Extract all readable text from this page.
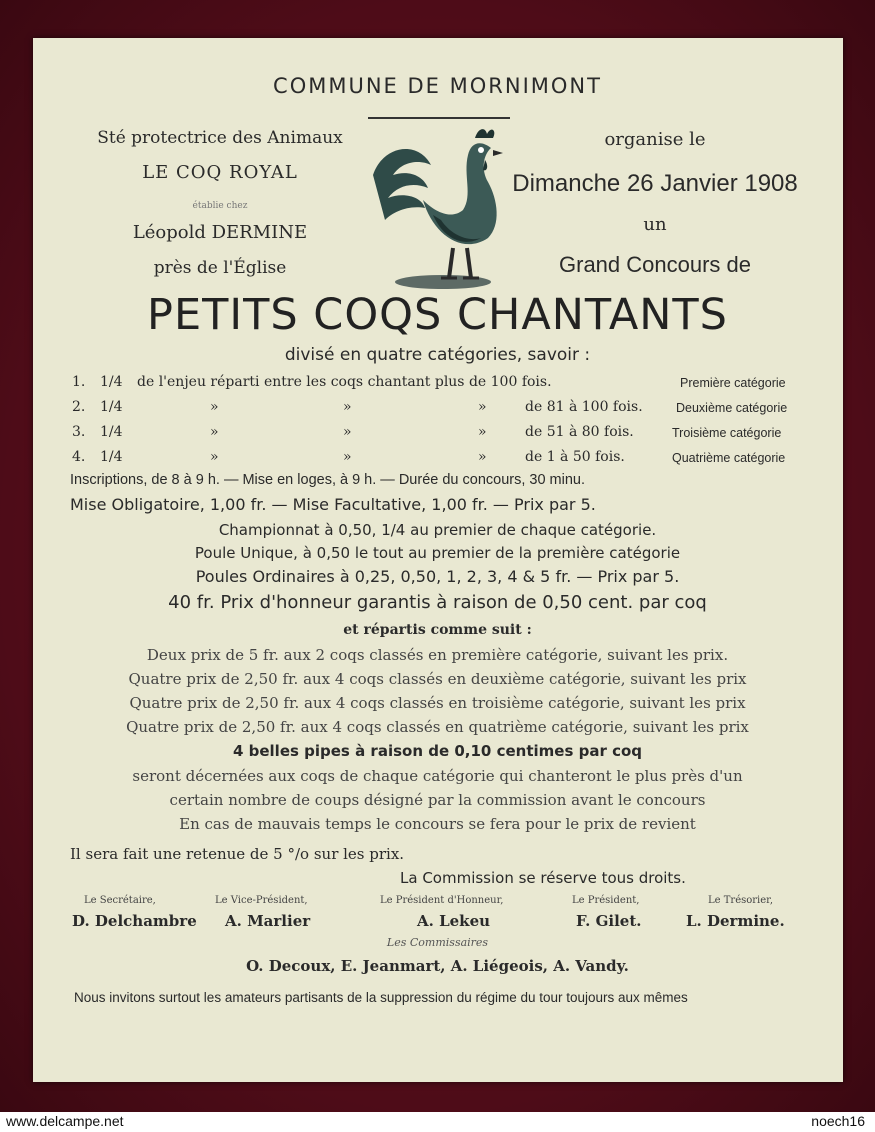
COMMUNE DE MORNIMONT
Sté protectrice des Animaux
LE COQ ROYAL
établie chez
Léopold DERMINE
près de l'Église
organise le
Dimanche 26 Janvier 1908
un
Grand Concours de
PETITS COQS CHANTANTS
divisé en quatre catégories, savoir :
1. 1/4 de l'enjeu réparti entre les coqs chantant plus de 100 fois.	Première catégorie
2. 1/4	»	»	»	de 81 à 100 fois.	Deuxième catégorie
3. 1/4	»	»	»	de 51 à 80 fois.	Troisième catégorie
4. 1/4	»	»	»	de 1 à 50 fois.	Quatrième catégorie
Inscriptions, de 8 à 9 h. — Mise en loges, à 9 h. — Durée du concours, 30 minu.
Mise Obligatoire, 1,00 fr. — Mise Facultative, 1,00 fr. — Prix par 5.
Championnat à 0,50, 1/4 au premier de chaque catégorie.
Poule Unique, à 0,50 le tout au premier de la première catégorie
Poules Ordinaires à 0,25, 0,50, 1, 2, 3, 4 & 5 fr. — Prix par 5.
40 fr. Prix d'honneur garantis à raison de 0,50 cent. par coq
et répartis comme suit :
Deux prix de 5 fr. aux 2 coqs classés en première catégorie, suivant les prix.
Quatre prix de 2,50 fr. aux 4 coqs classés en deuxième catégorie, suivant les prix
Quatre prix de 2,50 fr. aux 4 coqs classés en troisième catégorie, suivant les prix
Quatre prix de 2,50 fr. aux 4 coqs classés en quatrième catégorie, suivant les prix
4 belles pipes à raison de 0,10 centimes par coq
seront décernées aux coqs de chaque catégorie qui chanteront le plus près d'un
certain nombre de coups désigné par la commission avant le concours
En cas de mauvais temps le concours se fera pour le prix de revient
Il sera fait une retenue de 5 °/o sur les prix.
La Commission se réserve tous droits.
Le Secrétaire,
D. Delchambre
Le Vice-Président,
A. Marlier
Le Président d'Honneur,
A. Lekeu
Le Président,
F. Gilet.
Le Trésorier,
L. Dermine.
Les Commissaires
O. Decoux, E. Jeanmart, A. Liégeois, A. Vandy.
Nous invitons surtout les amateurs partisants de la suppression du régime du tour toujours aux mêmes
www.delcampe.net	noech16
